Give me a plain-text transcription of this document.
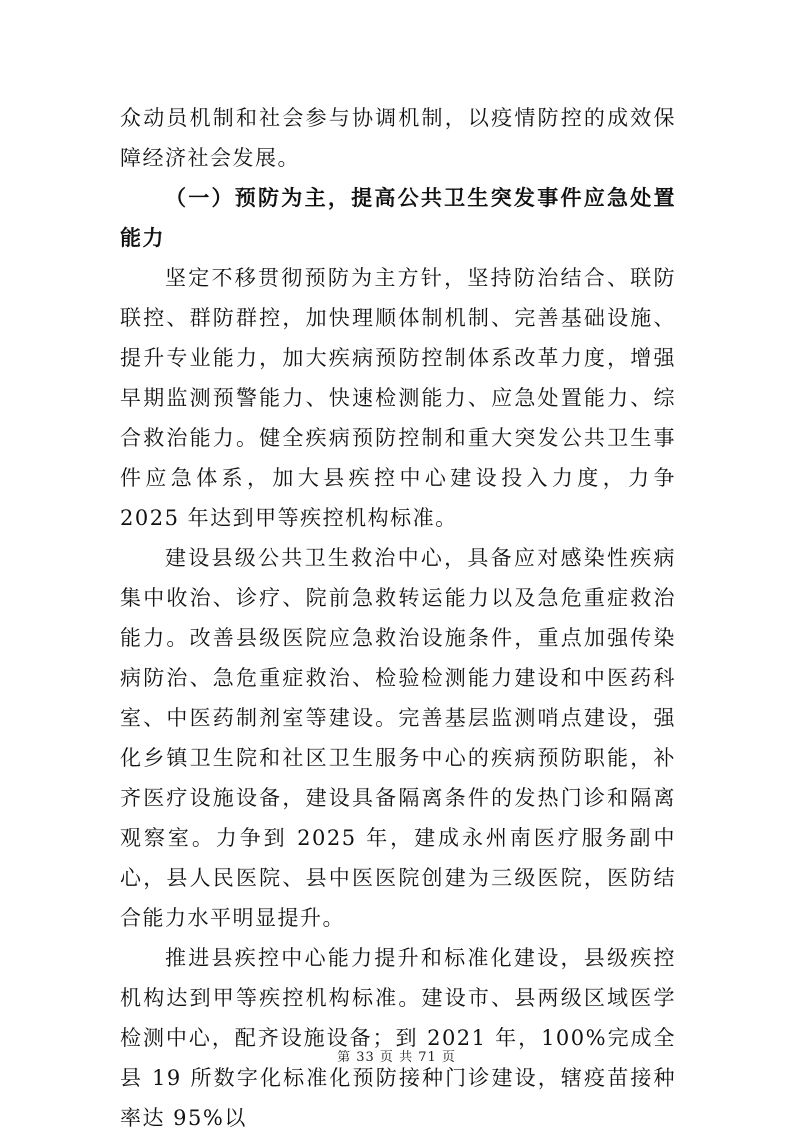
众动员机制和社会参与协调机制，以疫情防控的成效保障经济社会发展。

（一）预防为主，提高公共卫生突发事件应急处置能力

坚定不移贯彻预防为主方针，坚持防治结合、联防联控、群防群控，加快理顺体制机制、完善基础设施、提升专业能力，加大疾病预防控制体系改革力度，增强早期监测预警能力、快速检测能力、应急处置能力、综合救治能力。健全疾病预防控制和重大突发公共卫生事件应急体系，加大县疾控中心建设投入力度，力争 2025 年达到甲等疾控机构标准。

建设县级公共卫生救治中心，具备应对感染性疾病集中收治、诊疗、院前急救转运能力以及急危重症救治能力。改善县级医院应急救治设施条件，重点加强传染病防治、急危重症救治、检验检测能力建设和中医药科室、中医药制剂室等建设。完善基层监测哨点建设，强化乡镇卫生院和社区卫生服务中心的疾病预防职能，补齐医疗设施设备，建设具备隔离条件的发热门诊和隔离观察室。力争到 2025 年，建成永州南医疗服务副中心，县人民医院、县中医医院创建为三级医院，医防结合能力水平明显提升。

推进县疾控中心能力提升和标准化建设，县级疾控机构达到甲等疾控机构标准。建设市、县两级区域医学检测中心，配齐设施设备；到 2021 年，100%完成全县 19 所数字化标准化预防接种门诊建设，辖疫苗接种率达 95%以

第 33 页 共 71 页
